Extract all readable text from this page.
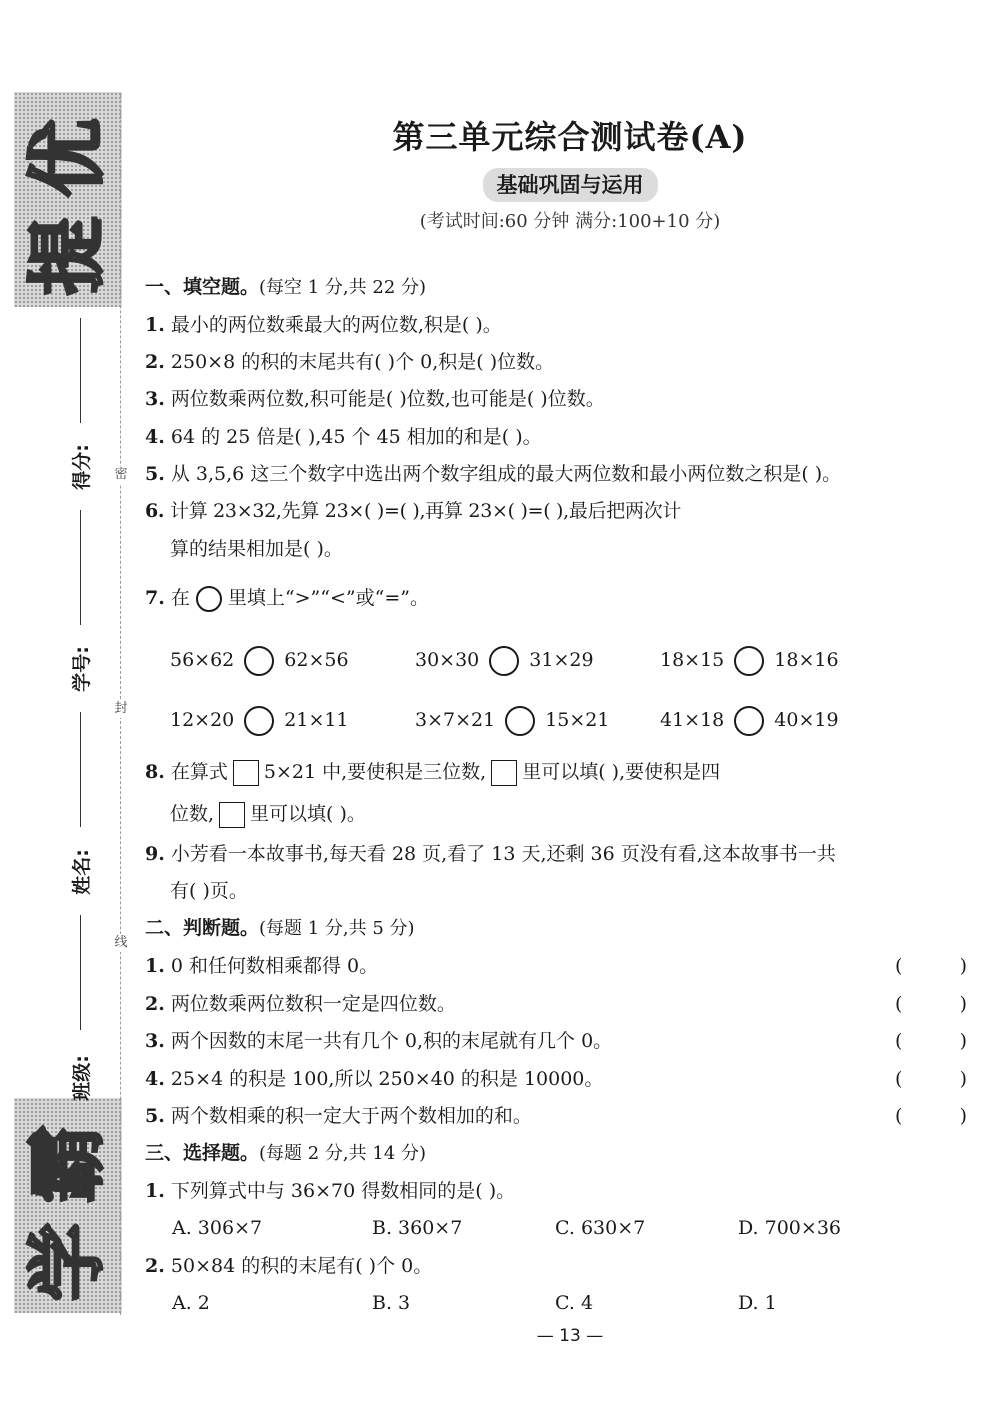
提
优
学
霸
密
封
线
得分:
学号:
姓名:
班级:
第三单元综合测试卷(A)
基础巩固与运用
(考试时间:60 分钟 满分:100+10 分)
一、填空题。(每空 1 分,共 22 分)
1. 最小的两位数乘最大的两位数,积是( )。
2. 250×8 的积的末尾共有( )个 0,积是( )位数。
3. 两位数乘两位数,积可能是( )位数,也可能是( )位数。
4. 64 的 25 倍是( ),45 个 45 相加的和是( )。
5. 从 3,5,6 这三个数字中选出两个数字组成的最大两位数和最小两位数之积是( )。
6. 计算 23×32,先算 23×( )=( ),再算 23×( )=( ),最后把两次计
算的结果相加是( )。
7. 在 里填上“>”“<”或“=”。
56×62	62×56	30×30	31×29	18×15	18×16
12×20	21×11	3×7×21	15×21	41×18	40×19
8. 在算式 5×21 中,要使积是三位数, 里可以填( ),要使积是四
位数, 里可以填( )。
9. 小芳看一本故事书,每天看 28 页,看了 13 天,还剩 36 页没有看,这本故事书一共
有( )页。
二、判断题。(每题 1 分,共 5 分)
1. 0 和任何数相乘都得 0。	(	)
2. 两位数乘两位数积一定是四位数。	(	)
3. 两个因数的末尾一共有几个 0,积的末尾就有几个 0。	(	)
4. 25×4 的积是 100,所以 250×40 的积是 10000。	(	)
5. 两个数相乘的积一定大于两个数相加的和。	(	)
三、选择题。(每题 2 分,共 14 分)
1. 下列算式中与 36×70 得数相同的是( )。
A. 306×7	B. 360×7	C. 630×7	D. 700×36
2. 50×84 的积的末尾有( )个 0。
A. 2	B. 3	C. 4	D. 1
— 13 —
